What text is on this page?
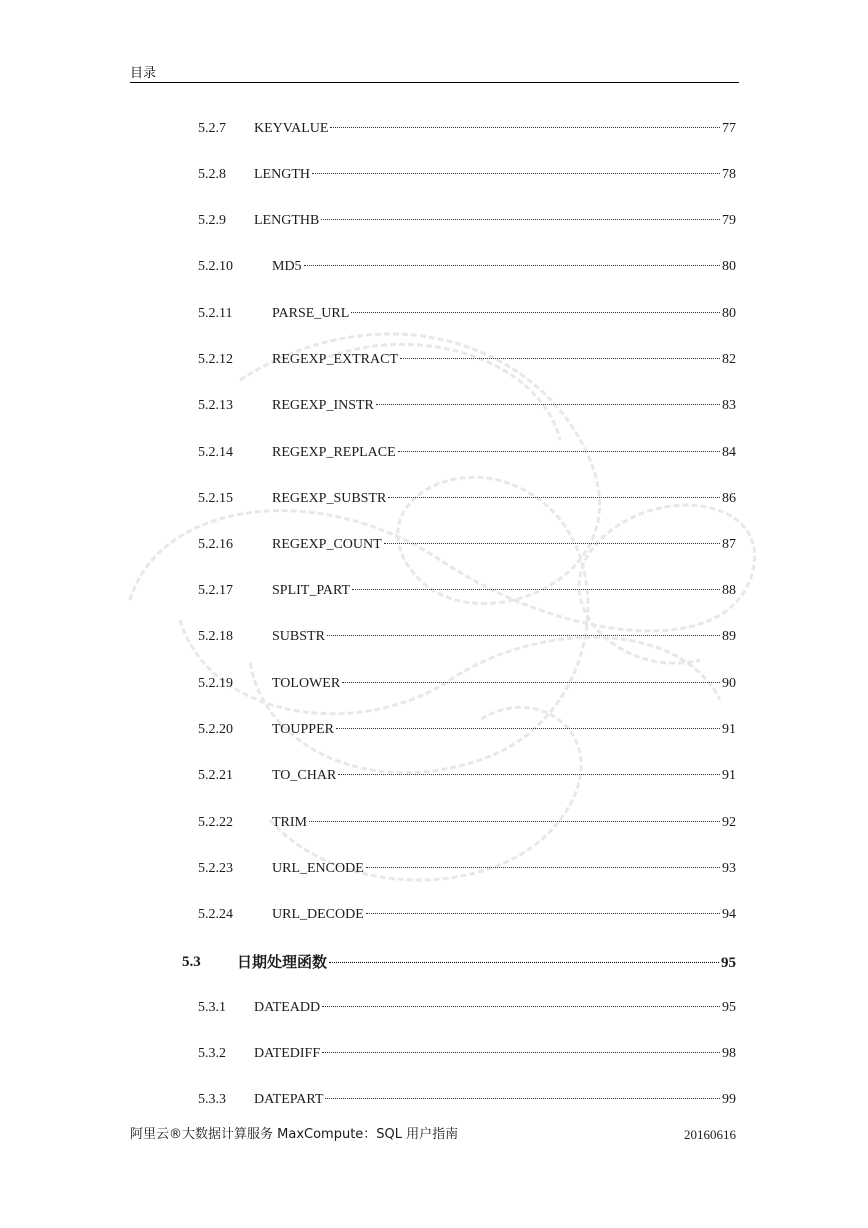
目录
5.2.7 KEYVALUE	77
5.2.8 LENGTH	78
5.2.9 LENGTHB	79
5.2.10	MD5	80
5.2.11	PARSE_URL	80
5.2.12	REGEXP_EXTRACT	82
5.2.13	REGEXP_INSTR	83
5.2.14	REGEXP_REPLACE	84
5.2.15	REGEXP_SUBSTR	86
5.2.16	REGEXP_COUNT	87
5.2.17	SPLIT_PART	88
5.2.18	SUBSTR	89
5.2.19	TOLOWER	90
5.2.20	TOUPPER	91
5.2.21	TO_CHAR	91
5.2.22	TRIM	92
5.2.23	URL_ENCODE	93
5.2.24	URL_DECODE	94
5.3 日期处理函数	95
5.3.1 DATEADD	95
5.3.2 DATEDIFF	98
5.3.3 DATEPART	99
阿里云®大数据计算服务 MaxCompute：SQL 用户指南	20160616
